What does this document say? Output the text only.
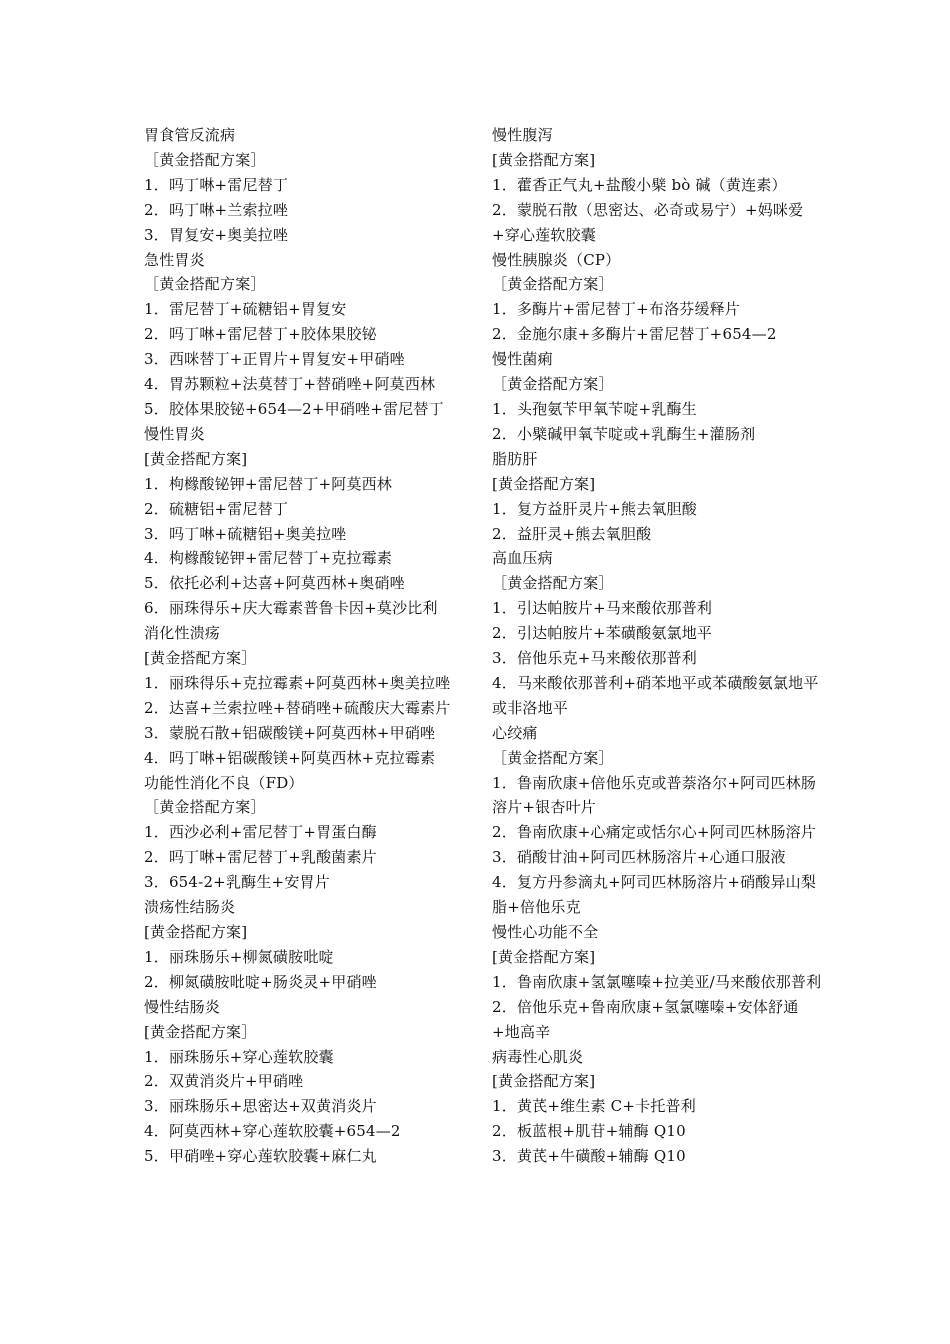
胃食管反流病
［黄金搭配方案］
1．吗丁啉+雷尼替丁
2．吗丁啉+兰索拉唑
3．胃复安+奥美拉唑
急性胃炎
［黄金搭配方案］
1．雷尼替丁+硫糖铝+胃复安
2．吗丁啉+雷尼替丁+胶体果胶铋
3．西咪替丁+正胃片+胃复安+甲硝唑
4．胃苏颗粒+法莫替丁+替硝唑+阿莫西林
5．胶体果胶铋+654—2+甲硝唑+雷尼替丁
慢性胃炎
[黄金搭配方案]
1．枸橼酸铋钾+雷尼替丁+阿莫西林
2．硫糖铝+雷尼替丁
3．吗丁啉+硫糖铝+奥美拉唑
4．枸橼酸铋钾+雷尼替丁+克拉霉素
5．依托必利+达喜+阿莫西林+奥硝唑
6．丽珠得乐+庆大霉素普鲁卡因+莫沙比利
消化性溃疡
[黄金搭配方案］
1．丽珠得乐+克拉霉素+阿莫西林+奥美拉唑
2．达喜+兰索拉唑+替硝唑+硫酸庆大霉素片
3．蒙脱石散+铝碳酸镁+阿莫西林+甲硝唑
4．吗丁啉+铝碳酸镁+阿莫西林+克拉霉素
功能性消化不良（FD）
［黄金搭配方案］
1．西沙必利+雷尼替丁+胃蛋白酶
2．吗丁啉+雷尼替丁+乳酸菌素片
3．654-2+乳酶生+安胃片
溃疡性结肠炎
[黄金搭配方案]
1．丽珠肠乐+柳氮磺胺吡啶
2．柳氮磺胺吡啶+肠炎灵+甲硝唑
慢性结肠炎
[黄金搭配方案］
1．丽珠肠乐+穿心莲软胶囊
2．双黄消炎片+甲硝唑
3．丽珠肠乐+思密达+双黄消炎片
4．阿莫西林+穿心莲软胶囊+654—2
5．甲硝唑+穿心莲软胶囊+麻仁丸
慢性腹泻
[黄金搭配方案]
1．藿香正气丸+盐酸小檗 bò 碱（黄连素）
2．蒙脱石散（思密达、必奇或易宁）+妈咪爱+穿心莲软胶囊
慢性胰腺炎（CP）
［黄金搭配方案］
1．多酶片+雷尼替丁+布洛芬缓释片
2．金施尔康+多酶片+雷尼替丁+654—2
慢性菌痢
［黄金搭配方案］
1．头孢氨苄甲氧苄啶+乳酶生
2．小檗碱甲氧苄啶或+乳酶生+灌肠剂
脂肪肝
[黄金搭配方案]
1．复方益肝灵片+熊去氧胆酸
2．益肝灵+熊去氧胆酸
高血压病
［黄金搭配方案］
1．引达帕胺片+马来酸依那普利
2．引达帕胺片+苯磺酸氨氯地平
3．倍他乐克+马来酸依那普利
4．马来酸依那普利+硝苯地平或苯磺酸氨氯地平或非洛地平
心绞痛
［黄金搭配方案］
1．鲁南欣康+倍他乐克或普萘洛尔+阿司匹林肠溶片+银杏叶片
2．鲁南欣康+心痛定或恬尔心+阿司匹林肠溶片
3．硝酸甘油+阿司匹林肠溶片+心通口服液
4．复方丹参滴丸+阿司匹林肠溶片+硝酸异山梨脂+倍他乐克
慢性心功能不全
[黄金搭配方案]
1．鲁南欣康+氢氯噻嗪+拉美亚/马来酸依那普利
2．倍他乐克+鲁南欣康+氢氯噻嗪+安体舒通+地高辛
病毒性心肌炎
[黄金搭配方案]
1．黄芪+维生素 C+卡托普利
2．板蓝根+肌苷+辅酶 Q10
3．黄芪+牛磺酸+辅酶 Q10
